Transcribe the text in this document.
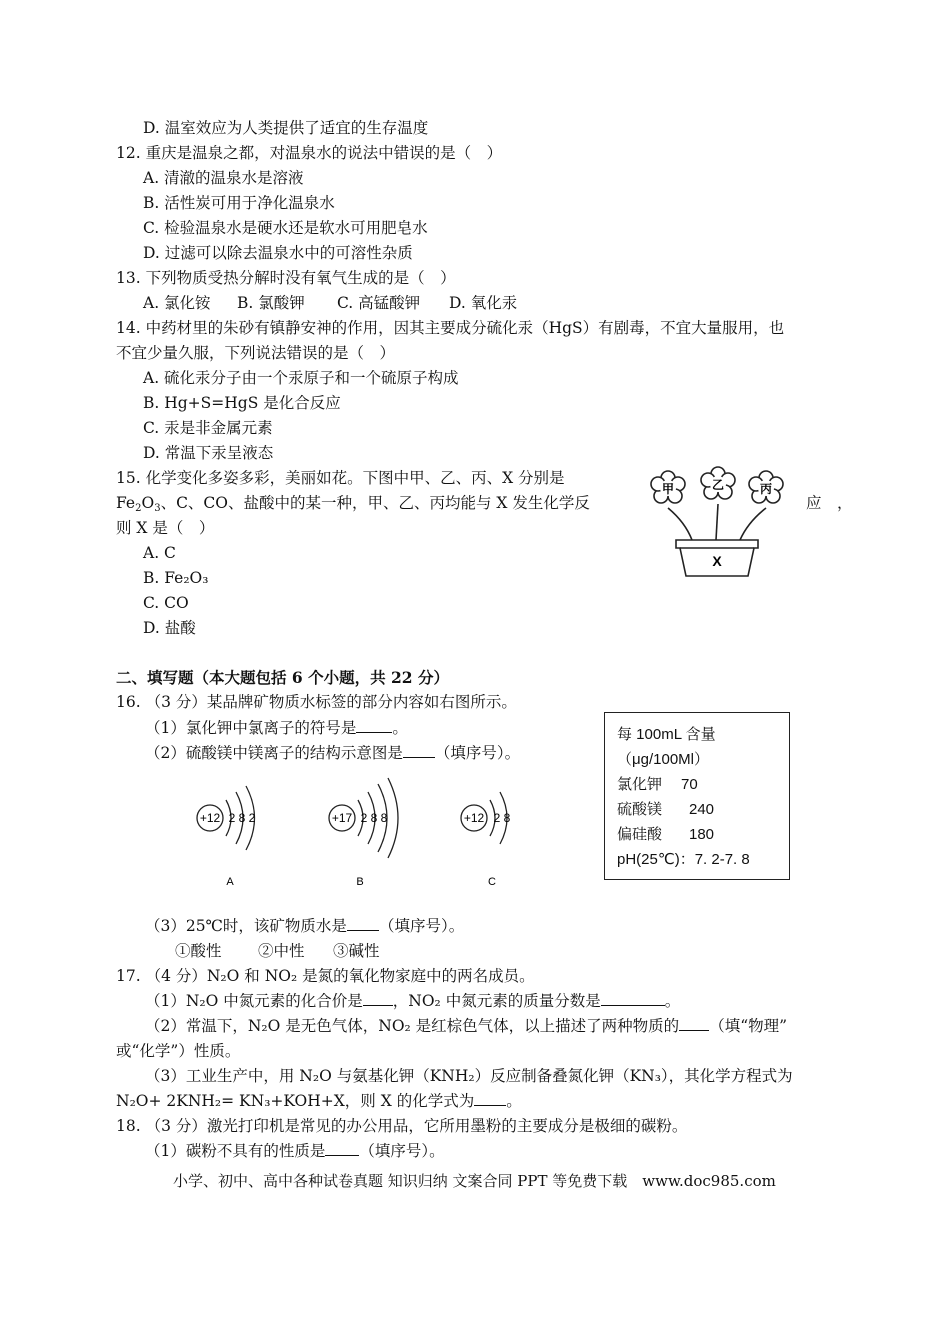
D. 温室效应为人类提供了适宜的生存温度
12. 重庆是温泉之都，对温泉水的说法中错误的是（　）
A. 清澈的温泉水是溶液
B. 活性炭可用于净化温泉水
C. 检验温泉水是硬水还是软水可用肥皂水
D. 过滤可以除去温泉水中的可溶性杂质
13. 下列物质受热分解时没有氧气生成的是（　）
A. 氯化铵 B. 氯酸钾 C. 高锰酸钾 D. 氧化汞
14. 中药材里的朱砂有镇静安神的作用，因其主要成分硫化汞（HgS）有剧毒，不宜大量服用，也
不宜少量久服，下列说法错误的是（　）
A. 硫化汞分子由一个汞原子和一个硫原子构成
B. Hg+S=HgS 是化合反应
C. 汞是非金属元素
D. 常温下汞呈液态
15. 化学变化多姿多彩，美丽如花。下图中甲、乙、丙、X 分别是
$Fe_2O_3$、C、CO、盐酸中的某一种，甲、乙、丙均能与 X 发生化学反	应　，
则 X 是（　）
A. C
B. Fe₂O₃
C. CO
D. 盐酸
甲	乙	丙
X
二、填写题（本大题包括 6 个小题，共 22 分）
16. （3 分）某品牌矿物质水标签的部分内容如右图所示。
（1）氯化钾中氯离子的符号是 。
（2）硫酸镁中镁离子的结构示意图是 （填序号）。
+12 2 8 2
A
+17 2 8 8
B
+12 2 8
C
每 100mL 含量
（μg/100Ml）
氯化钾 70
硫酸镁 240
偏硅酸 180
pH(25℃)：7. 2-7. 8
（3）25℃时，该矿物质水是 （填序号）。
①酸性 ②中性 ③碱性
17. （4 分）N₂O 和 NO₂ 是氮的氧化物家庭中的两名成员。
（1）N₂O 中氮元素的化合价是 ，NO₂ 中氮元素的质量分数是	。
（2）常温下，N₂O 是无色气体，NO₂ 是红棕色气体，以上描述了两种物质的 （填“物理”
或“化学”）性质。
（3）工业生产中，用 N₂O 与氨基化钾（KNH₂）反应制备叠氮化钾（KN₃），其化学方程式为
N₂O+ 2KNH₂= KN₃+KOH+X，则 X 的化学式为 。
18. （3 分）激光打印机是常见的办公用品，它所用墨粉的主要成分是极细的碳粉。
（1）碳粉不具有的性质是 （填序号）。
小学、初中、高中各种试卷真题 知识归纳 文案合同 PPT 等免费下载　www.doc985.com
